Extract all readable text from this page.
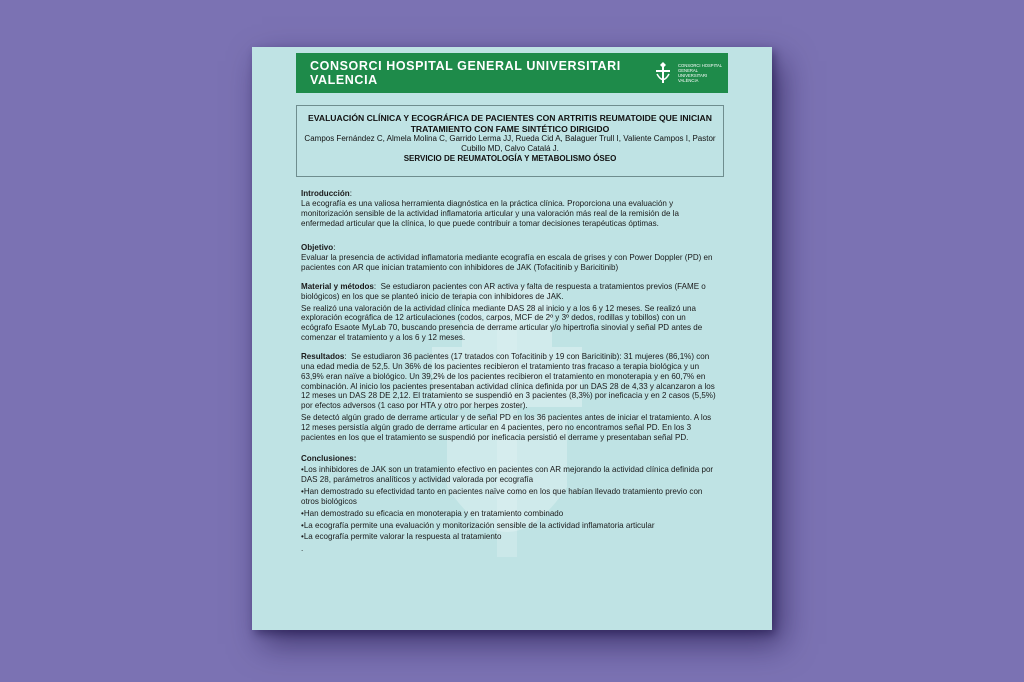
CONSORCI HOSPITAL GENERAL UNIVERSITARI VALENCIA
CONSORCI HOSPITAL GENERAL UNIVERSITARI VALÈNCIA
EVALUACIÓN CLÍNICA Y ECOGRÁFICA DE PACIENTES CON ARTRITIS REUMATOIDE QUE INICIAN TRATAMIENTO CON FAME SINTÉTICO DIRIGIDO
Campos Fernández C, Almela Molina C, Garrido Lerma JJ, Rueda Cid A, Balaguer Trull I, Valiente Campos I, Pastor Cubillo MD, Calvo Catalá J.
SERVICIO DE REUMATOLOGÍA Y METABOLISMO ÓSEO

Introducción:
La ecografía es una valiosa herramienta diagnóstica en la práctica clínica. Proporciona una evaluación y monitorización sensible de la actividad inflamatoria articular y una valoración más real de la remisión de la enfermedad articular que la clínica, lo que puede contribuir a tomar decisiones terapéuticas óptimas.

Objetivo:
Evaluar la presencia de actividad inflamatoria mediante ecografía en escala de grises y con Power Doppler (PD) en pacientes con AR que inician tratamiento con inhibidores de JAK (Tofacitinib y Baricitinib)

Material y métodos:  Se estudiaron pacientes con AR activa y falta de respuesta a tratamientos previos (FAME o biológicos) en los que se planteó inicio de terapia con inhibidores de JAK.

Se realizó una valoración de la actividad clínica mediante DAS 28 al inicio y a los 6 y 12 meses. Se realizó una exploración ecográfica de 12 articulaciones (codos, carpos, MCF de 2º y 3º dedos, rodillas y tobillos) con un ecógrafo Esaote MyLab 70, buscando presencia de derrame articular y/o hipertrofia sinovial y señal PD antes de comenzar el tratamiento y a los 6 y 12 meses.

Resultados:  Se estudiaron 36 pacientes (17 tratados con Tofacitinib y 19 con Baricitinib): 31 mujeres (86,1%) con una edad media de 52,5. Un 36% de los pacientes recibieron el tratamiento tras fracaso a terapia biológica y un 63,9% eran naïve a biológico. Un 39,2% de los pacientes recibieron el tratamiento en monoterapia y en 60,7% en combinación. Al inicio los pacientes presentaban actividad clínica definida por un DAS 28 de 4,33 y alcanzaron a los 12 meses un DAS 28 DE 2,12. El tratamiento se suspendió en 3 pacientes (8,3%) por ineficacia y en 2 casos (5,5%) por efectos adversos (1 caso por HTA y otro por herpes zoster).

Se detectó algún grado de derrame articular y de señal PD en los 36 pacientes antes de iniciar el tratamiento. A los 12 meses persistía algún grado de derrame articular en 4 pacientes, pero no encontramos señal PD. En los 3 pacientes en los que el tratamiento se suspendió por ineficacia persistió el derrame y presentaban señal PD.

Conclusiones:

•Los inhibidores de JAK son un tratamiento efectivo en pacientes con AR mejorando la actividad clínica definida por DAS 28, parámetros analíticos y actividad valorada por ecografía

•Han demostrado su efectividad tanto en pacientes naïve como en los que habían llevado tratamiento previo con otros biológicos

•Han demostrado su eficacia en monoterapia y en tratamiento combinado

•La ecografía permite una evaluación y monitorización sensible de la actividad inflamatoria articular

•La ecografía permite valorar la respuesta al tratamiento

.
